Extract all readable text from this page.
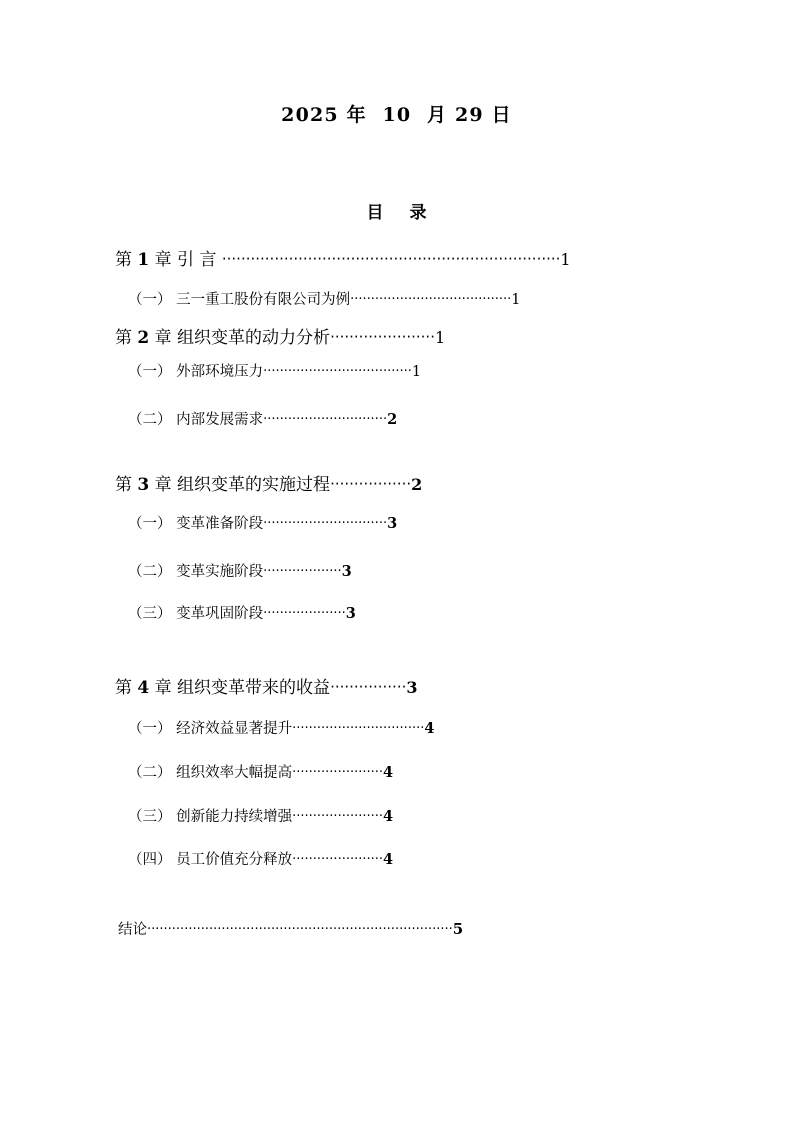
2025 年  10  月 29 日
目 录
第 1 章 引 言 ·······································································1
（一） 三一重工股份有限公司为例·······································1
第 2 章 组织变革的动力分析······················1
（一） 外部环境压力····································1
（二） 内部发展需求······························2
第 3 章 组织变革的实施过程·················2
（一） 变革准备阶段······························3
（二） 变革实施阶段···················3
（三） 变革巩固阶段····················3
第 4 章 组织变革带来的收益················3
（一） 经济效益显著提升································4
（二） 组织效率大幅提高······················4
（三） 创新能力持续增强······················4
（四） 员工价值充分释放······················4
结论··········································································5
